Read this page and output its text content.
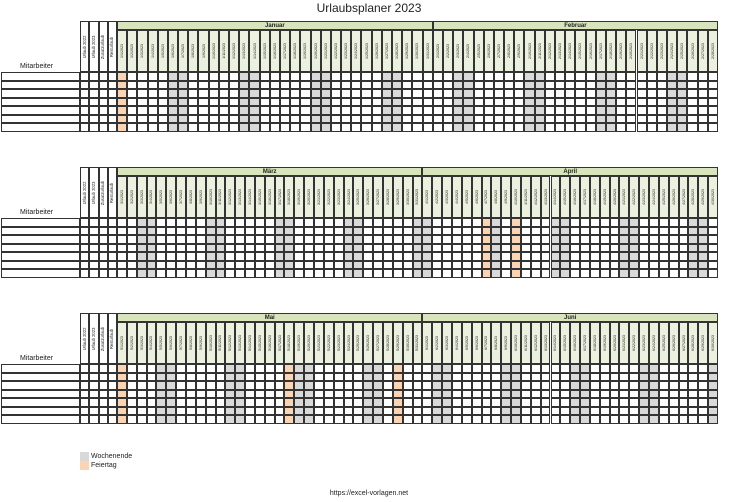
Urlaubsplaner 2023
Mitarbeiter
Urlaub 2022 Urlaub 2023 Zusatzurlaub Resturlaub
Januar
1/1/2023 1/2/2023 1/3/2023 1/4/2023 1/5/2023 1/6/2023 1/7/2023 1/8/2023 1/9/2023 1/10/2023 1/11/2023 1/12/2023 1/13/2023 1/14/2023 1/15/2023 1/16/2023 1/17/2023 1/18/2023 1/19/2023 1/20/2023 1/21/2023 1/22/2023 1/23/2023 1/24/2023 1/25/2023 1/26/2023 1/27/2023 1/28/2023 1/29/2023 1/30/2023 1/31/2023
Februar
2/1/2023 2/2/2023 2/3/2023 2/4/2023 2/5/2023 2/6/2023 2/7/2023 2/8/2023 2/9/2023 2/10/2023 2/11/2023 2/12/2023 2/13/2023 2/14/2023 2/15/2023 2/16/2023 2/17/2023 2/18/2023 2/19/2023 2/20/2023 2/21/2023 2/22/2023 2/23/2023 2/24/2023 2/25/2023 2/26/2023 2/27/2023 2/28/2023
Mitarbeiter
Urlaub 2022 Urlaub 2023 Zusatzurlaub Resturlaub
März
3/1/2023 3/2/2023 3/3/2023 3/4/2023 3/5/2023 3/6/2023 3/7/2023 3/8/2023 3/9/2023 3/10/2023 3/11/2023 3/12/2023 3/13/2023 3/14/2023 3/15/2023 3/16/2023 3/17/2023 3/18/2023 3/19/2023 3/20/2023 3/21/2023 3/22/2023 3/23/2023 3/24/2023 3/25/2023 3/26/2023 3/27/2023 3/28/2023 3/29/2023 3/30/2023 3/31/2023
April
4/1/2023 4/2/2023 4/3/2023 4/4/2023 4/5/2023 4/6/2023 4/7/2023 4/8/2023 4/9/2023 4/10/2023 4/11/2023 4/12/2023 4/13/2023 4/14/2023 4/15/2023 4/16/2023 4/17/2023 4/18/2023 4/19/2023 4/20/2023 4/21/2023 4/22/2023 4/23/2023 4/24/2023 4/25/2023 4/26/2023 4/27/2023 4/28/2023 4/29/2023 4/30/2023
Mitarbeiter
Urlaub 2022 Urlaub 2023 Zusatzurlaub Resturlaub
Mai
5/1/2023 5/2/2023 5/3/2023 5/4/2023 5/5/2023 5/6/2023 5/7/2023 5/8/2023 5/9/2023 5/10/2023 5/11/2023 5/12/2023 5/13/2023 5/14/2023 5/15/2023 5/16/2023 5/17/2023 5/18/2023 5/19/2023 5/20/2023 5/21/2023 5/22/2023 5/23/2023 5/24/2023 5/25/2023 5/26/2023 5/27/2023 5/28/2023 5/29/2023 5/30/2023 5/31/2023
Juni
6/1/2023 6/2/2023 6/3/2023 6/4/2023 6/5/2023 6/6/2023 6/7/2023 6/8/2023 6/9/2023 6/10/2023 6/11/2023 6/12/2023 6/13/2023 6/14/2023 6/15/2023 6/16/2023 6/17/2023 6/18/2023 6/19/2023 6/20/2023 6/21/2023 6/22/2023 6/23/2023 6/24/2023 6/25/2023 6/26/2023 6/27/2023 6/28/2023 6/29/2023 6/30/2023
Wochenende
Feiertag
https://excel-vorlagen.net
